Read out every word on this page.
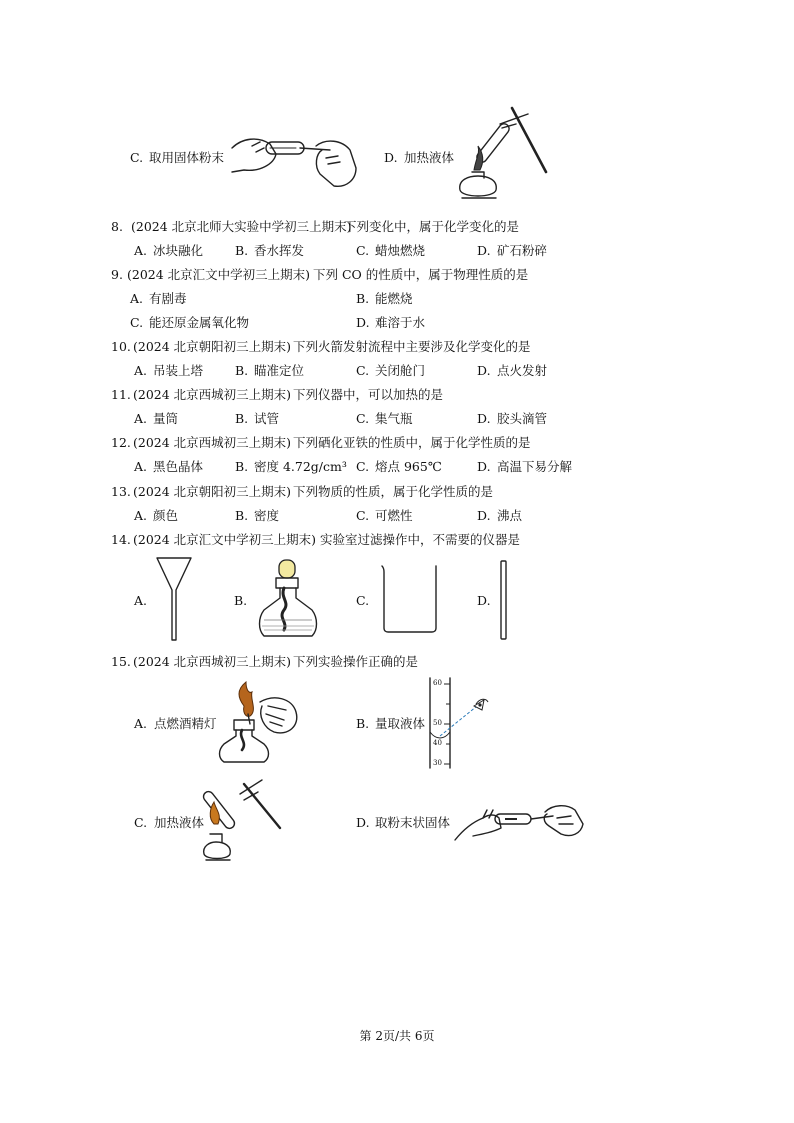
C. 取用固体粉末	D. 加热液体
8. (2024 北京北师大实验中学初三上期末)
下列变化中，属于化学变化的是
A. 冰块融化	B. 香水挥发	C. 蜡烛燃烧	D. 矿石粉碎
9. (2024 北京汇文中学初三上期末) 下列 CO 的性质中，属于物理性质的是
A. 有剧毒	B. 能燃烧
C. 能还原金属氧化物	D. 难溶于水
10. (2024 北京朝阳初三上期末) 下列火箭发射流程中主要涉及化学变化的是
A. 吊装上塔	B. 瞄准定位	C. 关闭舱门	D. 点火发射
11. (2024 北京西城初三上期末) 下列仪器中，可以加热的是
A. 量筒	B. 试管	C. 集气瓶	D. 胶头滴管
12. (2024 北京西城初三上期末) 下列硒化亚铁的性质中，属于化学性质的是
A. 黑色晶体	B. 密度 4.72g/cm³ C. 熔点 965℃	D. 高温下易分解
13. (2024 北京朝阳初三上期末) 下列物质的性质，属于化学性质的是
A. 颜色	B. 密度	C. 可燃性	D. 沸点
14. (2024 北京汇文中学初三上期末) 实验室过滤操作中，不需要的仪器是
A.	B.	C.	D.
15. (2024 北京西城初三上期末) 下列实验操作正确的是
A. 点燃酒精灯	B. 量取液体
60
50
40
30
C. 加热液体	D. 取粉末状固体
第 2页/共 6页
